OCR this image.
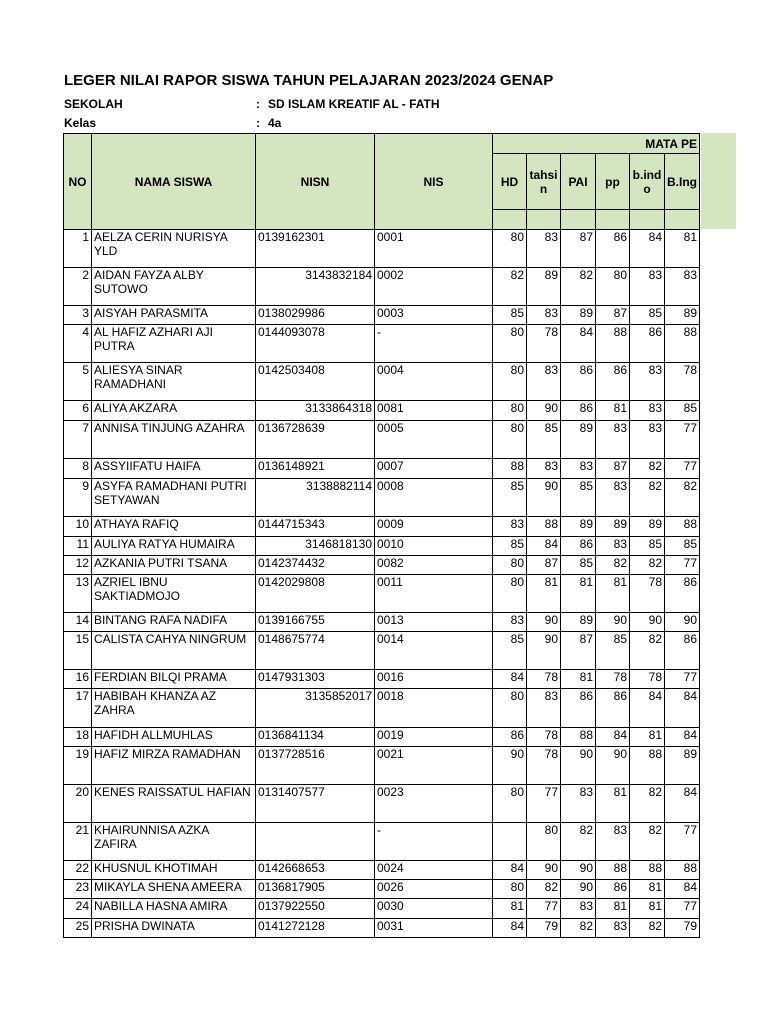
LEGER NILAI RAPOR SISWA TAHUN PELAJARAN 2023/2024 GENAP
SEKOLAH	: SD ISLAM KREATIF AL - FATH
Kelas	: 4a
NO	NAMA SISWA	NISN	NIS	MATA PE					
				HD	tahsin	PAI	pp	b.indo	B.Ing

1	AELZA CERIN NURISYA YLD	0139162301	0001	80	83	87	86	84	81
2	AIDAN FAYZA ALBY SUTOWO	3143832184	0002	82	89	82	80	83	83
3	AISYAH PARASMITA	0138029986	0003	85	83	89	87	85	89
4	AL HAFIZ AZHARI AJI PUTRA	0144093078	-	80	78	84	88	86	88
5	ALIESYA SINAR RAMADHANI	0142503408	0004	80	83	86	86	83	78
6	ALIYA AKZARA	3133864318	0081	80	90	86	81	83	85
7	ANNISA TINJUNG AZAHRA	0136728639	0005	80	85	89	83	83	77
8	ASSYIIFATU HAIFA	0136148921	0007	88	83	83	87	82	77
9	ASYFA RAMADHANI PUTRI SETYAWAN	3138882114	0008	85	90	85	83	82	82
10	ATHAYA RAFIQ	0144715343	0009	83	88	89	89	89	88
11	AULIYA RATYA HUMAIRA	3146818130	0010	85	84	86	83	85	85
12	AZKANIA PUTRI TSANA	0142374432	0082	80	87	85	82	82	77
13	AZRIEL IBNU SAKTIADMOJO	0142029808	0011	80	81	81	81	78	86
14	BINTANG RAFA NADIFA	0139166755	0013	83	90	89	90	90	90
15	CALISTA CAHYA NINGRUM	0148675774	0014	85	90	87	85	82	86
16	FERDIAN BILQI PRAMA	0147931303	0016	84	78	81	78	78	77
17	HABIBAH KHANZA AZ ZAHRA	3135852017	0018	80	83	86	86	84	84
18	HAFIDH ALLMUHLAS	0136841134	0019	86	78	88	84	81	84
19	HAFIZ MIRZA RAMADHAN	0137728516	0021	90	78	90	90	88	89
20	KENES RAISSATUL HAFIAN	0131407577	0023	80	77	83	81	82	84
21	KHAIRUNNISA AZKA ZAFIRA		-		80	82	83	82	77
22	KHUSNUL KHOTIMAH	0142668653	0024	84	90	90	88	88	88
23	MIKAYLA SHENA AMEERA	0136817905	0026	80	82	90	86	81	84
24	NABILLA HASNA AMIRA	0137922550	0030	81	77	83	81	81	77
25	PRISHA DWINATA	0141272128	0031	84	79	82	83	82	79
